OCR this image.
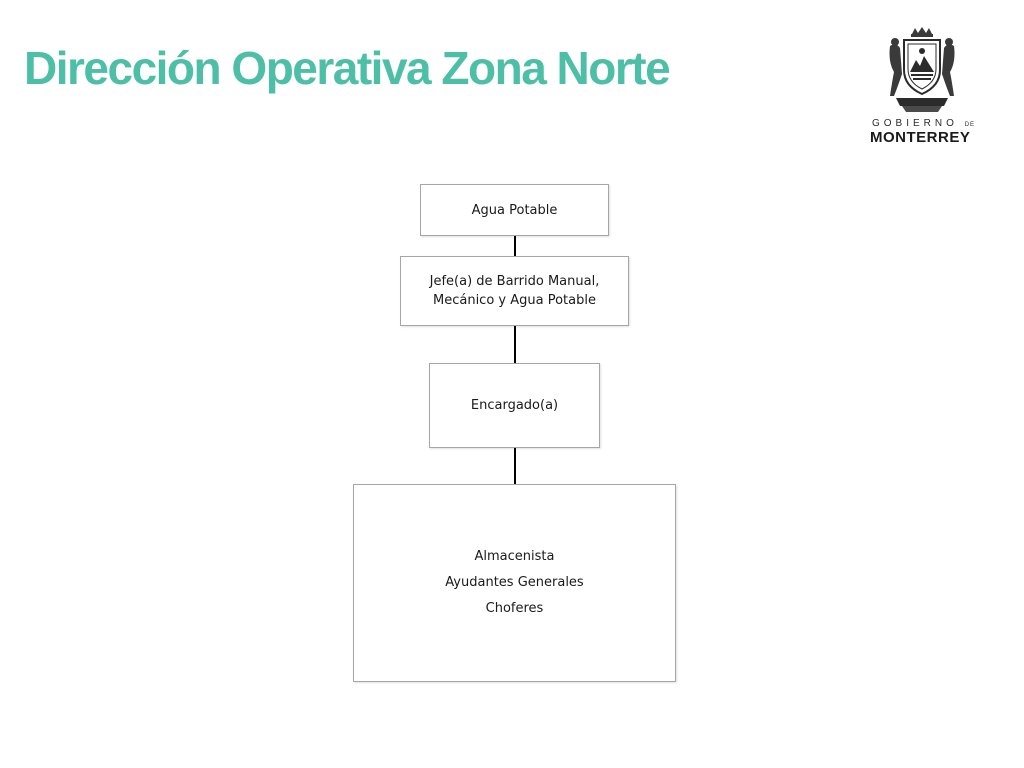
Dirección Operativa Zona Norte
GOBIERNO DE
MONTERREY
Agua Potable
Jefe(a) de Barrido Manual, Mecánico y Agua Potable
Encargado(a)
Almacenista
Ayudantes Generales
Choferes
